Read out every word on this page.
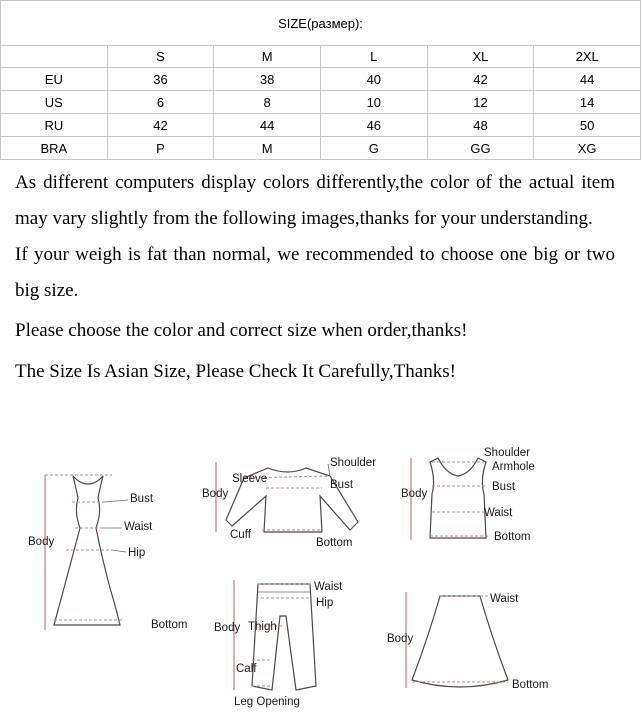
SIZE(размер):					
	S	M	L	XL	2XL
EU	36	38	40	42	44
US	6	8	10	12	14
RU	42	44	46	48	50
BRA	P	M	G	GG	XG

As different computers display colors differently,the color of the actual item may vary slightly from the following images,thanks for your understanding.

If your weigh is fat than normal, we recommended to choose one big or two big size.

Please choose the color and correct size when order,thanks!

The Size Is Asian Size, Please Check It Carefully,Thanks!

Bust
Waist
Body
Hip
Bottom
Shoulder
Sleeve
Body
Bust
Cuff
Bottom
Shoulder
Armhole
Body
Bust
Waist
Bottom
Waist
Hip
Body Thigh
Calf
Leg Opening
Waist
Body
Bottom
